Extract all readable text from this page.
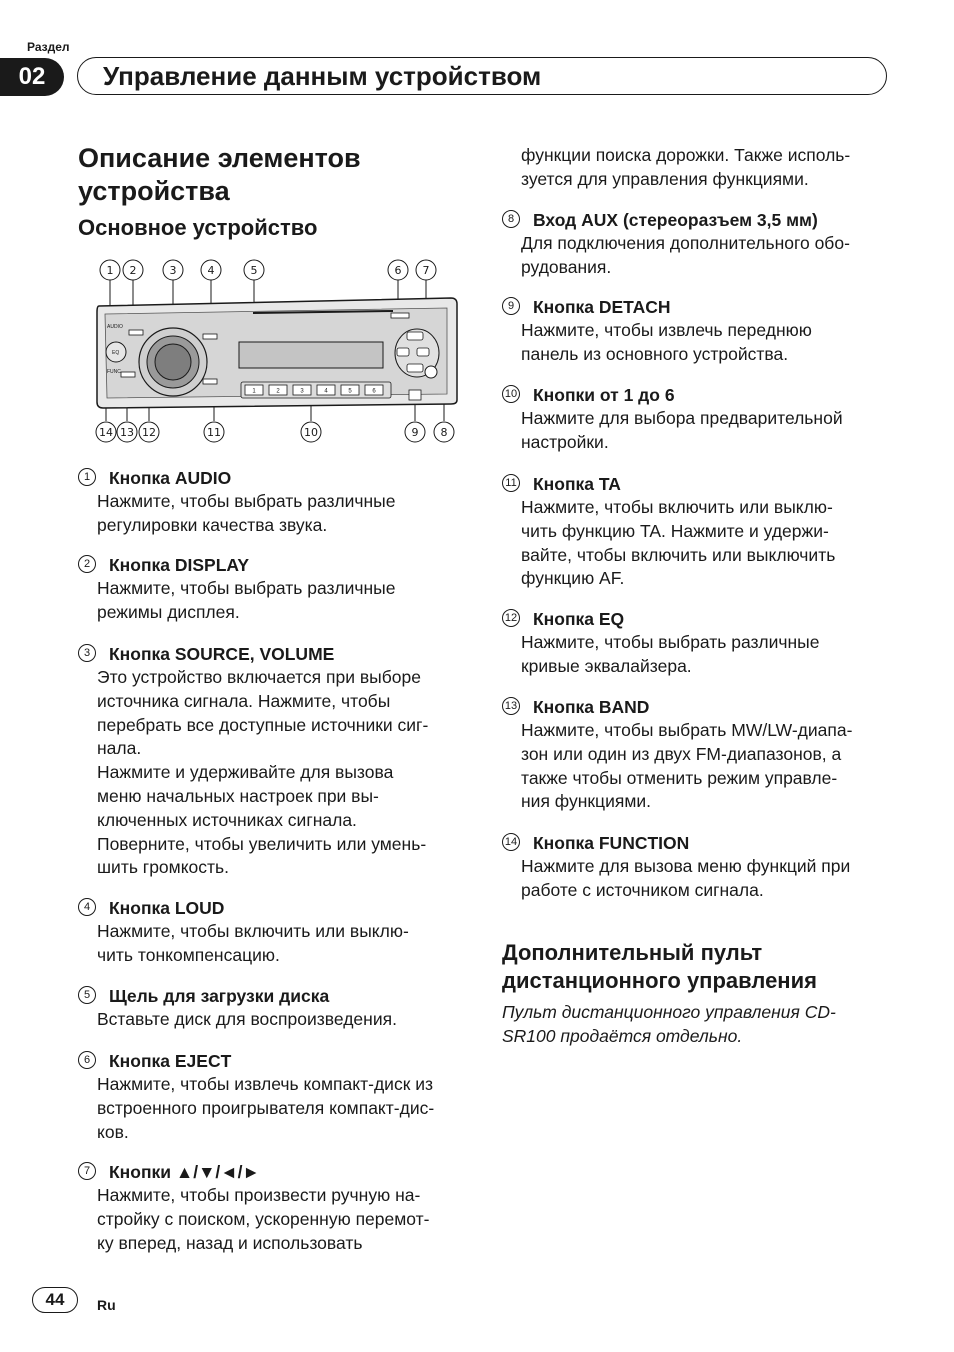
Раздел
02	Управление данным устройством
Описание элементов
устройства
Основное устройство
1	2	3	4	5	6
AUDIO
FUNC
EQ
1 2	3	4	5	6 7
14 13 12	11	10	9 8
1	Кнопка AUDIO
Нажмите, чтобы выбрать различные
регулировки качества звука.
2	Кнопка DISPLAY
Нажмите, чтобы выбрать различные
режимы дисплея.
3	Кнопка SOURCE, VOLUME
Это устройство включается при выборе
источника сигнала. Нажмите, чтобы
перебрать все доступные источники сиг-
нала.
Нажмите и удерживайте для вызова
меню начальных настроек при вы-
ключенных источниках сигнала.
Поверните, чтобы увеличить или умень-
шить громкость.
4	Кнопка LOUD
Нажмите, чтобы включить или выклю-
чить тонкомпенсацию.
5	Щель для загрузки диска
Вставьте диск для воспроизведения.
6	Кнопка EJECT
Нажмите, чтобы извлечь компакт-диск из
встроенного проигрывателя компакт-дис-
ков.
7	Кнопки ▲/▼/◄/►
Нажмите, чтобы произвести ручную на-
стройку с поиском, ускоренную перемот-
ку вперед, назад и использовать
функции поиска дорожки. Также исполь-
зуется для управления функциями.
8	Вход AUX (стереоразъем 3,5 мм)
Для подключения дополнительного обо-
рудования.
9	Кнопка DETACH
Нажмите, чтобы извлечь переднюю
панель из основного устройства.
10 Кнопки от 1 до 6
Нажмите для выбора предварительной
настройки.
11 Кнопка TA
Нажмите, чтобы включить или выклю-
чить функцию TA. Нажмите и удержи-
вайте, чтобы включить или выключить
функцию AF.
12 Кнопка EQ
Нажмите, чтобы выбрать различные
кривые эквалайзера.
13 Кнопка BAND
Нажмите, чтобы выбрать MW/LW-диапа-
зон или один из двух FM-диапазонов, а
также чтобы отменить режим управле-
ния функциями.
14 Кнопка FUNCTION
Нажмите для вызова меню функций при
работе с источником сигнала.
Дополнительный пульт
дистанционного управления
Пульт дистанционного управления CD-
SR100 продаётся отдельно.
44	Ru
